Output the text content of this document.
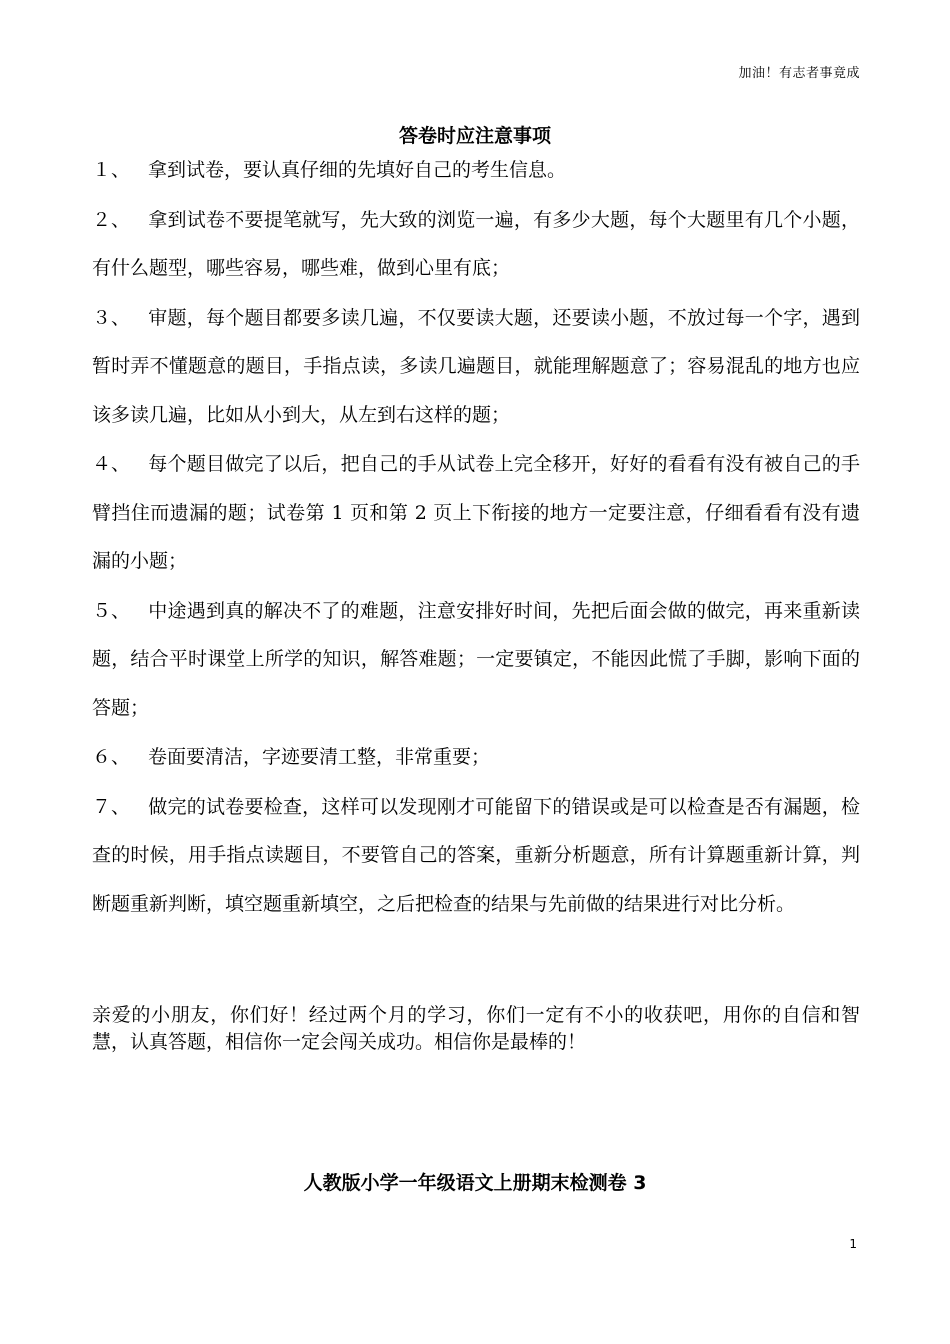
加油！有志者事竟成
答卷时应注意事项

１、 拿到试卷，要认真仔细的先填好自己的考生信息。

２、 拿到试卷不要提笔就写，先大致的浏览一遍，有多少大题，每个大题里有几个小题，有什么题型，哪些容易，哪些难，做到心里有底；

３、 审题，每个题目都要多读几遍，不仅要读大题，还要读小题，不放过每一个字，遇到暂时弄不懂题意的题目，手指点读，多读几遍题目，就能理解题意了；容易混乱的地方也应该多读几遍，比如从小到大，从左到右这样的题；

４、 每个题目做完了以后，把自己的手从试卷上完全移开，好好的看看有没有被自己的手臂挡住而遗漏的题；试卷第 1 页和第 2 页上下衔接的地方一定要注意，仔细看看有没有遗漏的小题；

５、 中途遇到真的解决不了的难题，注意安排好时间，先把后面会做的做完，再来重新读题，结合平时课堂上所学的知识，解答难题；一定要镇定，不能因此慌了手脚，影响下面的答题；

６、 卷面要清洁，字迹要清工整，非常重要；

７、 做完的试卷要检查，这样可以发现刚才可能留下的错误或是可以检查是否有漏题，检查的时候，用手指点读题目，不要管自己的答案，重新分析题意，所有计算题重新计算，判断题重新判断，填空题重新填空，之后把检查的结果与先前做的结果进行对比分析。

亲爱的小朋友，你们好！经过两个月的学习，你们一定有不小的收获吧，用你的自信和智慧，认真答题，相信你一定会闯关成功。相信你是最棒的！
人教版小学一年级语文上册期末检测卷 3
1
